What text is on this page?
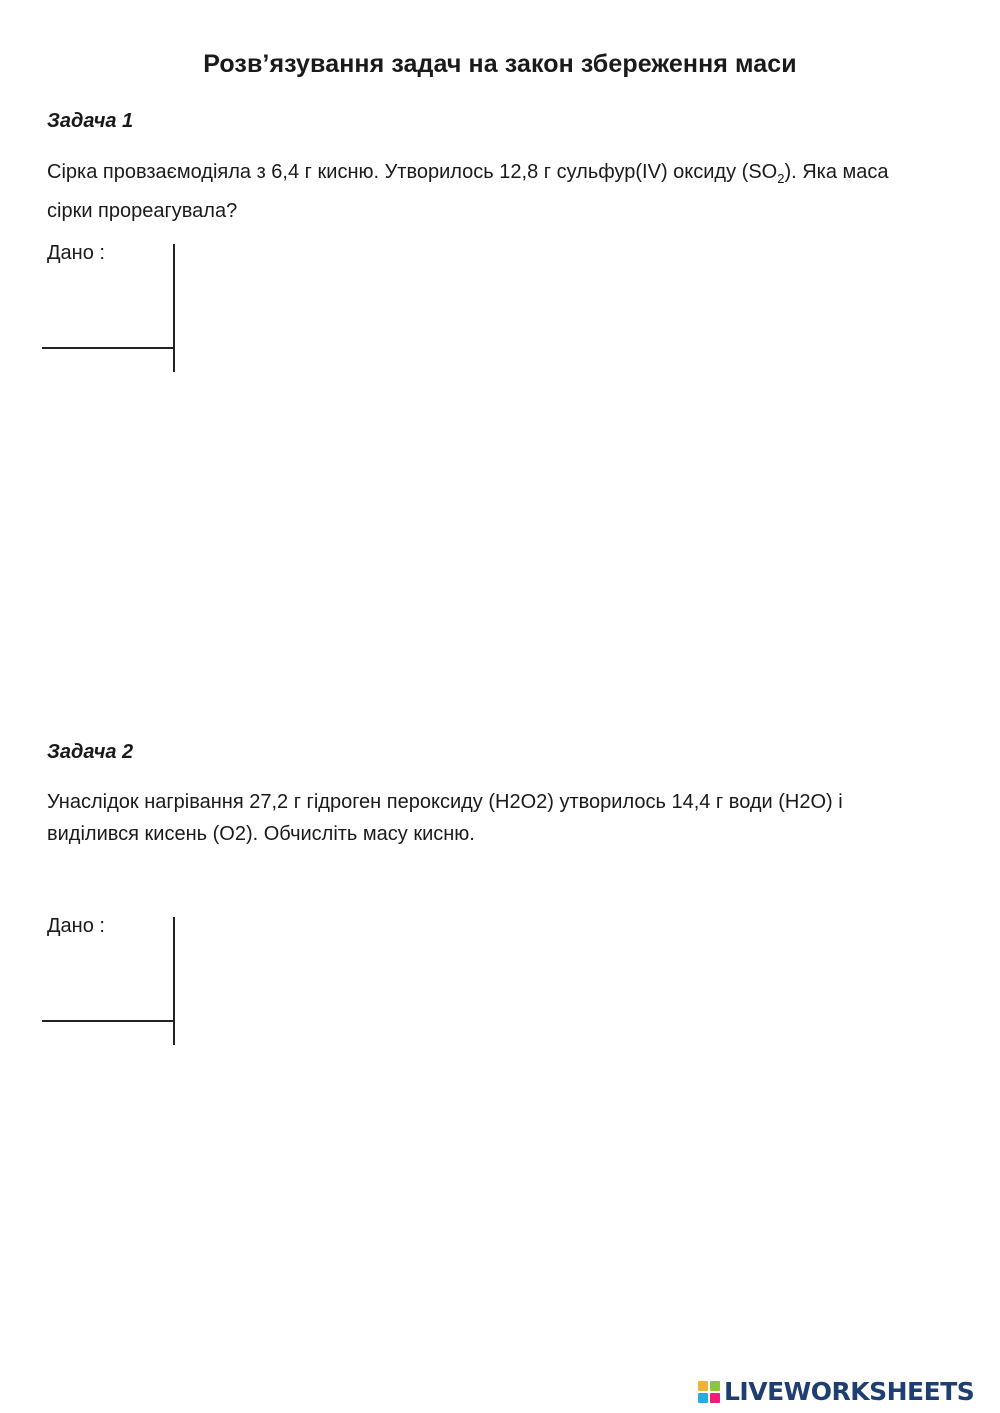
Розв’язування задач на закон збереження маси
Задача 1
Сірка провзаємодіяла з 6,4 г кисню. Утворилось 12,8 г сульфур(IV) оксиду $(SO_2)$. Яка маса
сірки прореагувала?
Дано :
Задача 2
Унаслідок нагрівання 27,2 г гідроген пероксиду (Н2О2) утворилось 14,4 г води (Н2О) і
виділився кисень (О2). Обчисліть масу кисню.
Дано :
LIVEWORKSHEETS
